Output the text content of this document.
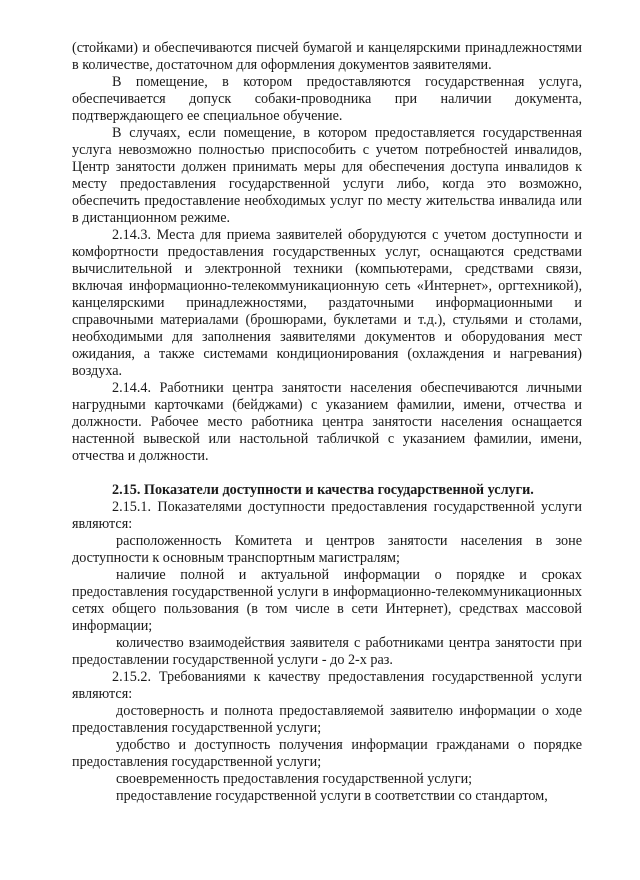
(стойками) и обеспечиваются писчей бумагой и канцелярскими принадлежностями в количестве, достаточном для оформления документов заявителями.

В помещение, в котором предоставляются государственная услуга, обеспечивается допуск собаки-проводника при наличии документа, подтверждающего ее специальное обучение.

В случаях, если помещение, в котором предоставляется государственная услуга невозможно полностью приспособить с учетом потребностей инвалидов, Центр занятости должен принимать меры для обеспечения доступа инвалидов к месту предоставления государственной услуги либо, когда это возможно, обеспечить предоставление необходимых услуг по месту жительства инвалида или в дистанционном режиме.

2.14.3. Места для приема заявителей оборудуются с учетом доступности и комфортности предоставления государственных услуг, оснащаются средствами вычислительной и электронной техники (компьютерами, средствами связи, включая информационно-телекоммуникационную сеть «Интернет», оргтехникой), канцелярскими принадлежностями, раздаточными информационными и справочными материалами (брошюрами, буклетами и т.д.), стульями и столами, необходимыми для заполнения заявителями документов и оборудования мест ожидания, а также системами кондиционирования (охлаждения и нагревания) воздуха.

2.14.4. Работники центра занятости населения обеспечиваются личными нагрудными карточками (бейджами) с указанием фамилии, имени, отчества и должности. Рабочее место работника центра занятости населения оснащается настенной вывеской или настольной табличкой с указанием фамилии, имени, отчества и должности.

2.15. Показатели доступности и качества государственной услуги.

2.15.1. Показателями доступности предоставления государственной услуги являются:

расположенность Комитета и центров занятости населения в зоне доступности к основным транспортным магистралям;

наличие полной и актуальной информации о порядке и сроках предоставления государственной услуги в информационно-телекоммуникационных сетях общего пользования (в том числе в сети Интернет), средствах массовой информации;

количество взаимодействия заявителя с работниками центра занятости при предоставлении государственной услуги - до 2-х раз.

2.15.2. Требованиями к качеству предоставления государственной услуги являются:

достоверность и полнота предоставляемой заявителю информации о ходе предоставления государственной услуги;

удобство и доступность получения информации гражданами о порядке предоставления государственной услуги;

своевременность предоставления государственной услуги;

предоставление государственной услуги в соответствии со стандартом,
